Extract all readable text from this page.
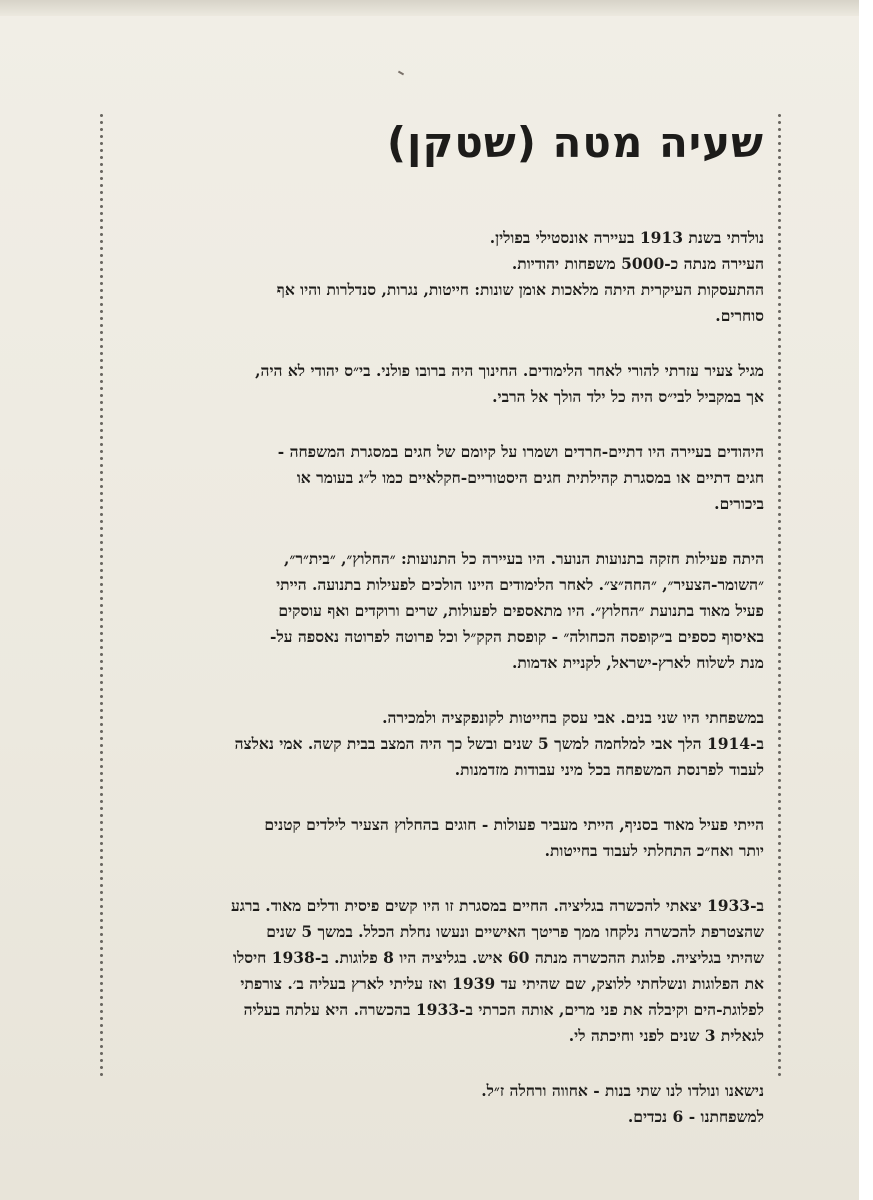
שעיה מטה (שטקן)

נולדתי בשנת 1913 בעיירה אונסטילי בפולין.
העיירה מנתה כ-5000 משפחות יהודיות.
ההתעסקות העיקרית היתה מלאכות אומן שונות: חייטות, נגרות, סנדלרות והיו אף
סוחרים.

מגיל צעיר עזרתי להורי לאחר הלימודים. החינוך היה ברובו פולני. בי״ס יהודי לא היה,
אך במקביל לבי״ס היה כל ילד הולך אל הרבי.

היהודים בעיירה היו דתיים-חרדים ושמרו על קיומם של חגים במסגרת המשפחה -
חגים דתיים או במסגרת קהילתית חגים היסטוריים-חקלאיים כמו ל״ג בעומר או
ביכורים.

היתה פעילות חזקה בתנועות הנוער. היו בעיירה כל התנועות: ״החלוץ״, ״בית״ר״,
״השומר-הצעיר״, ״החה״צ״. לאחר הלימודים היינו הולכים לפעילות בתנועה. הייתי
פעיל מאוד בתנועת ״החלוץ״. היו מתאספים לפעולות, שרים ורוקדים ואף עוסקים
באיסוף כספים ב״קופסה הכחולה״ - קופסת הקק״ל וכל פרוטה לפרוטה נאספה על-
מנת לשלוח לארץ-ישראל, לקניית אדמות.

במשפחתי היו שני בנים. אבי עסק בחייטות לקונפקציה ולמכירה.
ב-1914 הלך אבי למלחמה למשך 5 שנים ובשל כך היה המצב בבית קשה. אמי נאלצה
לעבוד לפרנסת המשפחה בכל מיני עבודות מזדמנות.

הייתי פעיל מאוד בסניף, הייתי מעביר פעולות - חוגים בהחלוץ הצעיר לילדים קטנים
יותר ואח״כ התחלתי לעבוד בחייטות.

ב-1933 יצאתי להכשרה בגליציה. החיים במסגרת זו היו קשים פיסית ודלים מאוד. ברגע
שהצטרפת להכשרה נלקחו ממך פריטך האישיים ונעשו נחלת הכלל. במשך 5 שנים
שהיתי בגליציה. פלוגת ההכשרה מנתה 60 איש. בגליציה היו 8 פלוגות. ב-1938 חיסלו
את הפלוגות ונשלחתי ללוצק, שם שהיתי עד 1939 ואז עליתי לארץ בעליה ב׳. צורפתי
לפלוגת-הים וקיבלה את פני מרים, אותה הכרתי ב-1933 בהכשרה. היא עלתה בעליה
לגאלית 3 שנים לפני וחיכתה לי.

נישאנו ונולדו לנו שתי בנות - אחווה ורחלה ז״ל.
למשפחתנו - 6 נכדים.
